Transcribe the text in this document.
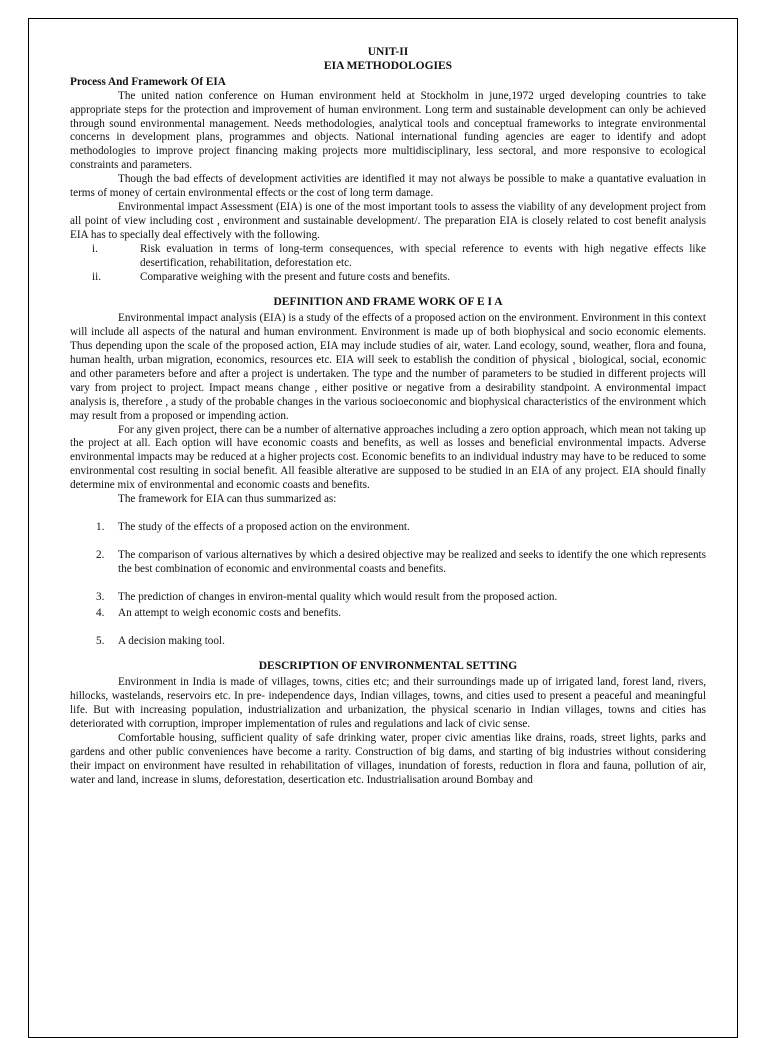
UNIT-II
EIA METHODOLOGIES
Process And Framework Of EIA

The united nation conference on Human environment held at Stockholm in june,1972 urged developing countries to take appropriate steps for the protection and improvement of human environment. Long term and sustainable development can only be achieved through sound environmental management. Needs methodologies, analytical tools and conceptual frameworks to integrate environmental concerns in development plans, programmes and objects. National international funding agencies are eager to identify and adopt methodologies to improve project financing making projects more multidisciplinary, less sectoral, and more responsive to ecological constraints and parameters.

Though the bad effects of development activities are identified it may not always be possible to make a quantative evaluation in terms of money of certain environmental effects or the cost of long term damage.

Environmental impact Assessment (EIA) is one of the most important tools to assess the viability of any development project from all point of view including cost , environment and sustainable development/. The preparation EIA is closely related to cost benefit analysis EIA has to specially deal effectively with the following.

i.	Risk evaluation in terms of long-term consequences, with special reference to events with high negative effects like desertification, rehabilitation, deforestation etc.
ii.	Comparative weighing with the present and future costs and benefits.
DEFINITION AND FRAME WORK OF E I A

Environmental impact analysis (EIA) is a study of the effects of a proposed action on the environment. Environment in this context will include all aspects of the natural and human environment. Environment is made up of both biophysical and socio economic elements. Thus depending upon the scale of the proposed action, EIA may include studies of air, water. Land ecology, sound, weather, flora and founa, human health, urban migration, economics, resources etc. EIA will seek to establish the condition of physical , biological, social, economic and other parameters before and after a project is undertaken. The type and the number of parameters to be studied in different projects will vary from project to project. Impact means change , either positive or negative from a desirability standpoint. A environmental impact analysis is, therefore , a study of the probable changes in the various socioeconomic and biophysical characteristics of the environment which may result from a proposed or impending action.

For any given project, there can be a number of alternative approaches including a zero option approach, which mean not taking up the project at all. Each option will have economic coasts and benefits, as well as losses and beneficial environmental impacts. Adverse environmental impacts may be reduced at a higher projects cost. Economic benefits to an individual industry may have to be reduced to some environmental cost resulting in social benefit. All feasible alterative are supposed to be studied in an EIA of any project. EIA should finally determine mix of environmental and economic coasts and benefits.

The framework for EIA can thus summarized as:

1.	The study of the effects of a proposed action on the environment.
2.	The comparison of various alternatives by which a desired objective may be realized and seeks to identify the one which represents the best combination of economic and environmental coasts and benefits.
3.	The prediction of changes in environ-mental quality which would result from the proposed action.
4.	An attempt to weigh economic costs and benefits.
5.	A decision making tool.
DESCRIPTION OF ENVIRONMENTAL SETTING

Environment in India is made of villages, towns, cities etc; and their surroundings made up of irrigated land, forest land, rivers, hillocks, wastelands, reservoirs etc. In pre- independence days, Indian villages, towns, and cities used to present a peaceful and meaningful life. But with increasing population, industrialization and urbanization, the physical scenario in Indian villages, towns and cities has deteriorated with corruption, improper implementation of rules and regulations and lack of civic sense.

Comfortable housing, sufficient quality of safe drinking water, proper civic amentias like drains, roads, street lights, parks and gardens and other public conveniences have become a rarity. Construction of big dams, and starting of big industries without considering their impact on environment have resulted in rehabilitation of villages, inundation of forests, reduction in flora and fauna, pollution of air, water and land, increase in slums, deforestation, desertication etc. Industrialisation around Bombay and
